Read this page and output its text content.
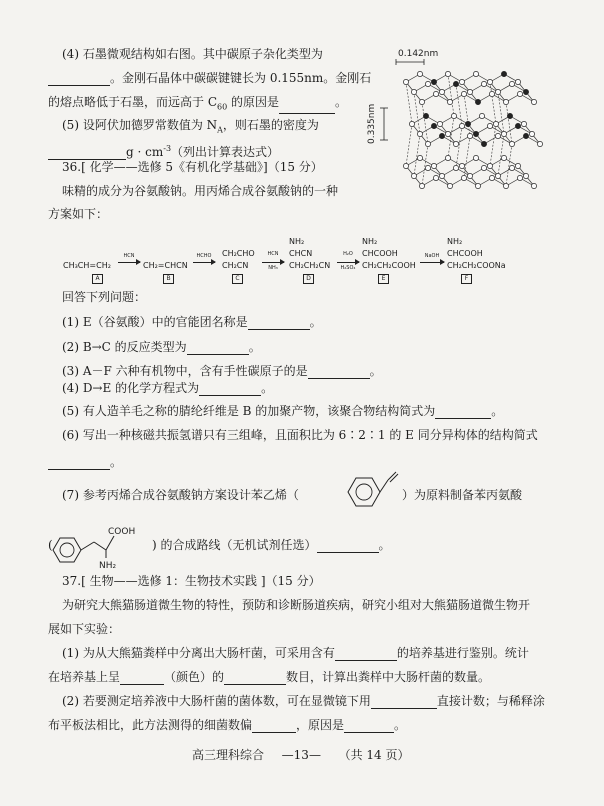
(4) 石墨微观结构如右图。其中碳原子杂化类型为
。金刚石晶体中碳碳键键长为 0.155nm。金刚石
的熔点略低于石墨，而远高于 $C_{60}$ 的原因是	。
(5) 设阿伏加德罗常数值为 $N_A$，则石墨的密度为
$g \cdot cm^{-3}$（列出计算表达式）
0.142nm
0.335nm
36.[ 化学——选修 5《有机化学基础》]（15 分）
味精的成分为谷氨酸钠。用丙烯合成谷氨酸钠的一种
方案如下：
CH₃CH=CH₂
A
HCN
CH₂=CHCN
B
HCHO	CH₂CHO
CH₂CN
C
HCN
NH₃
NH₂
CHCN
CH₂CH₂CN
D
H₂O
H₂SO₄
NH₂
CHCOOH
CH₂CH₂COOH
E
NaOH
NH₂
CHCOOH
CH₂CH₂COONa
F
回答下列问题：
(1) E（谷氨酸）中的官能团名称是	。
(2) B→C 的反应类型为	。
(3) A－F 六种有机物中，含有手性碳原子的是	。
(4) D→E 的化学方程式为	。
(5) 有人造羊毛之称的腈纶纤维是 B 的加聚产物，该聚合物结构简式为	。
(6) 写出一种核磁共振氢谱只有三组峰，且面积比为 6∶2∶1 的 E 同分异构体的结构简式
。
(7) 参考丙烯合成谷氨酸钠方案设计苯乙烯（	）为原料制备苯丙氨酸
(
COOH
NH₂
) 的合成路线（无机试剂任选）	。
37.[ 生物——选修 1：生物技术实践 ]（15 分）
为研究大熊猫肠道微生物的特性，预防和诊断肠道疾病，研究小组对大熊猫肠道微生物开
展如下实验：
(1) 为从大熊猫粪样中分离出大肠杆菌，可采用含有	的培养基进行鉴别。统计
在培养基上呈	（颜色）的	数目，计算出粪样中大肠杆菌的数量。
(2) 若要测定培养液中大肠杆菌的菌体数，可在显微镜下用	直接计数；与稀释涂
布平板法相比，此方法测得的细菌数偏	，原因是	。
高三理科综合 —13— （共 14 页）
